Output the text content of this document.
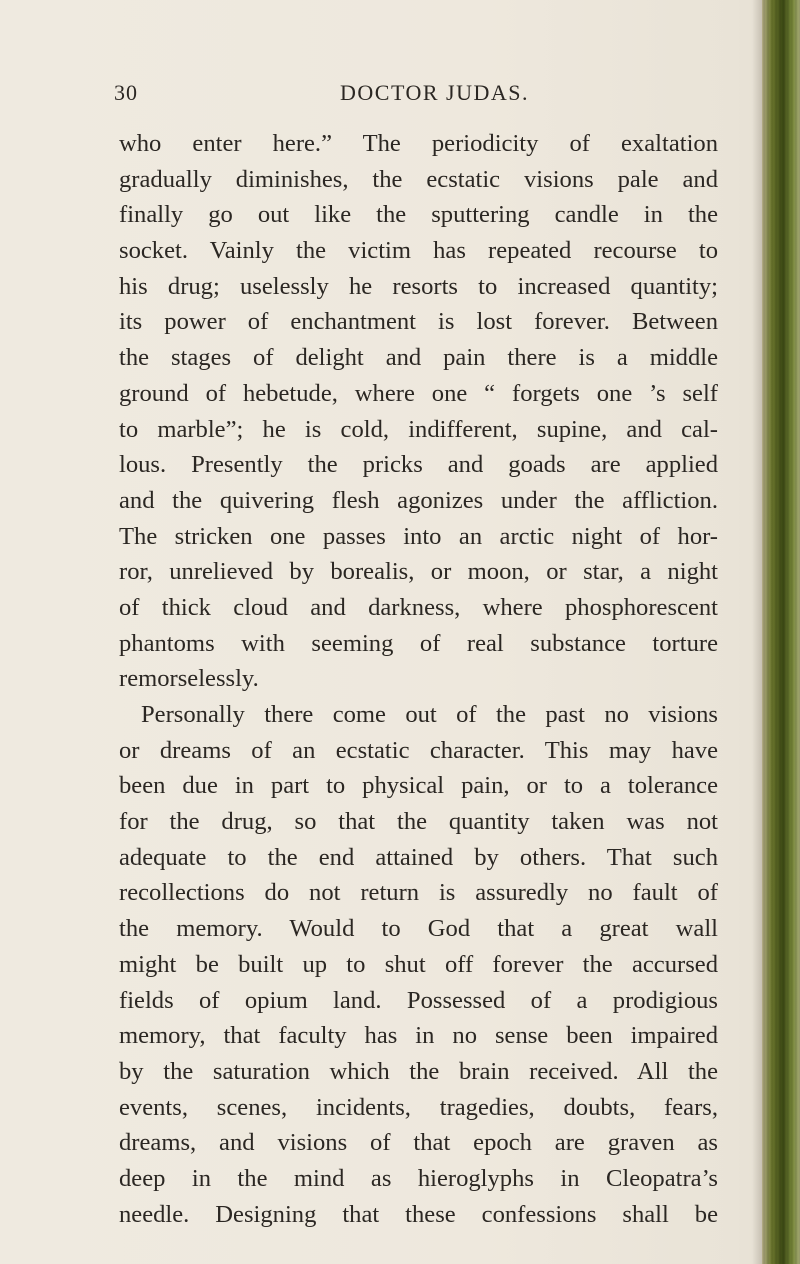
30	DOCTOR JUDAS.
who enter here.” The periodicity of exaltation
gradually diminishes, the ecstatic visions pale and
finally go out like the sputtering candle in the
socket. Vainly the victim has repeated recourse to
his drug; uselessly he resorts to increased quantity;
its power of enchantment is lost forever. Between
the stages of delight and pain there is a middle
ground of hebetude, where one “ forgets one ’s self
to marble”; he is cold, indifferent, supine, and cal-
lous. Presently the pricks and goads are applied
and the quivering flesh agonizes under the affliction.
The stricken one passes into an arctic night of hor-
ror, unrelieved by borealis, or moon, or star, a night
of thick cloud and darkness, where phosphorescent
phantoms with seeming of real substance torture
remorselessly.
Personally there come out of the past no visions
or dreams of an ecstatic character. This may have
been due in part to physical pain, or to a tolerance
for the drug, so that the quantity taken was not
adequate to the end attained by others. That such
recollections do not return is assuredly no fault of
the memory. Would to God that a great wall
might be built up to shut off forever the accursed
fields of opium land. Possessed of a prodigious
memory, that faculty has in no sense been impaired
by the saturation which the brain received. All the
events, scenes, incidents, tragedies, doubts, fears,
dreams, and visions of that epoch are graven as
deep in the mind as hieroglyphs in Cleopatra’s
needle. Designing that these confessions shall be
